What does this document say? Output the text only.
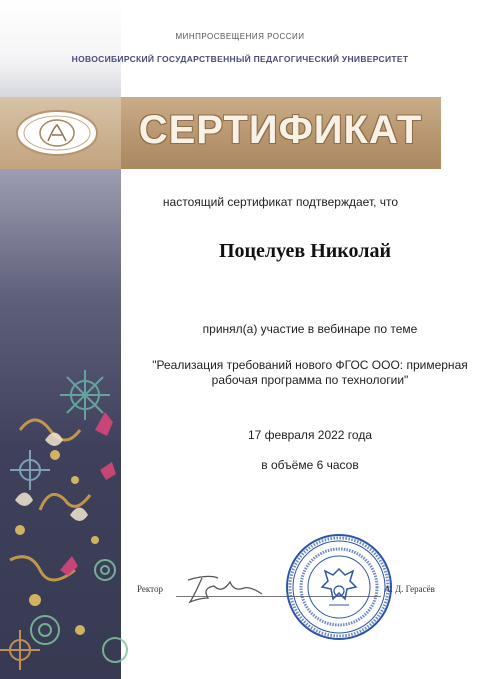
МИНПРОСВЕЩЕНИЯ РОССИИ
НОВОСИБИРСКИЙ ГОСУДАРСТВЕННЫЙ ПЕДАГОГИЧЕСКИЙ УНИВЕРСИТЕТ
СЕРТИФИКАТ
настоящий сертификат подтверждает, что
Поцелуев Николай
принял(а) участие в вебинаре по теме
"Реализация требований нового ФГОС ООО: примерная рабочая программа по технологии"
17 февраля 2022 года
в объёме 6 часов
Ректор	А. Д. Герасёв
